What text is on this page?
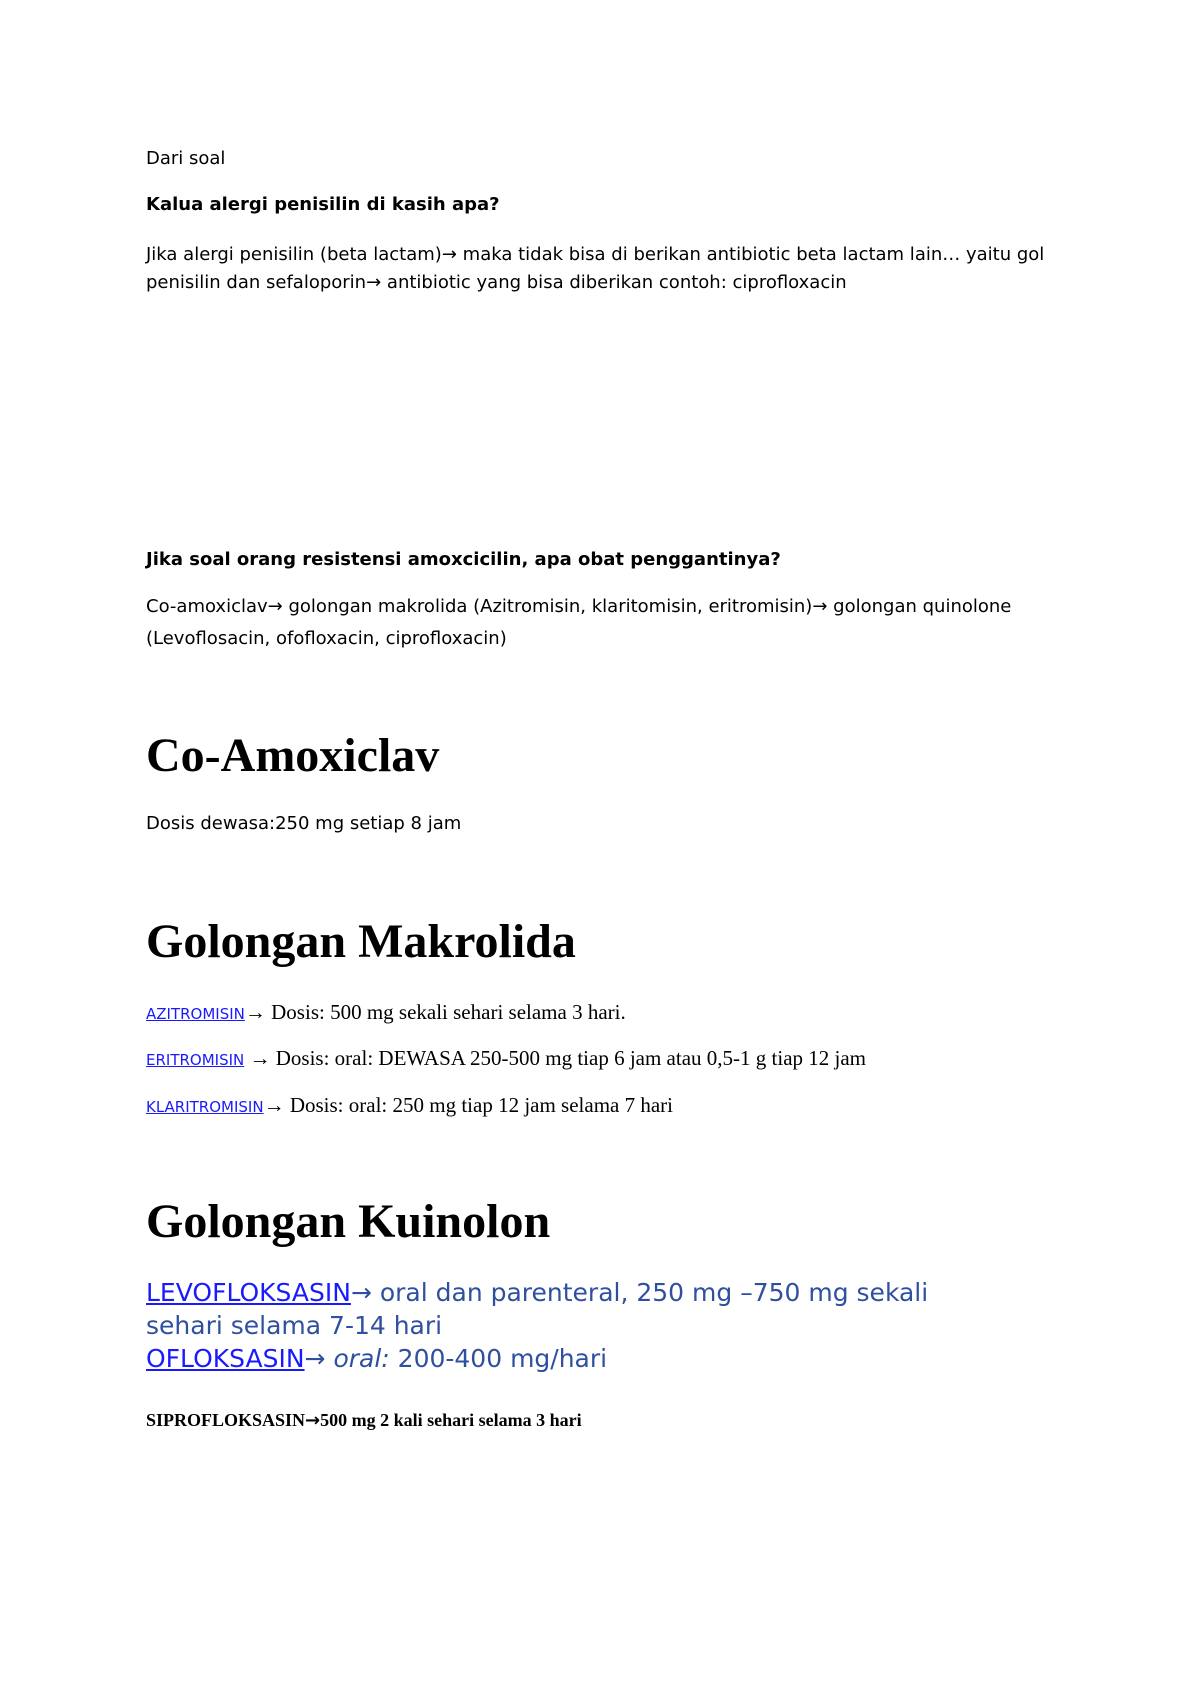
Dari soal
Kalua alergi penisilin di kasih apa?
Jika alergi penisilin (beta lactam)→ maka tidak bisa di berikan antibiotic beta lactam lain… yaitu gol
penisilin dan sefaloporin→ antibiotic yang bisa diberikan contoh: ciprofloxacin
Jika soal orang resistensi amoxcicilin, apa obat penggantinya?
Co-amoxiclav→ golongan makrolida (Azitromisin, klaritomisin, eritromisin)→ golongan quinolone
(Levoflosacin, ofofloxacin, ciprofloxacin)
Co-Amoxiclav
Dosis dewasa:250 mg setiap 8 jam
Golongan Makrolida
AZITROMISIN→ Dosis: 500 mg sekali sehari selama 3 hari.
ERITROMISIN → Dosis: oral: DEWASA 250-500 mg tiap 6 jam atau 0,5-1 g tiap 12 jam
KLARITROMISIN→ Dosis: oral: 250 mg tiap 12 jam selama 7 hari
Golongan Kuinolon
LEVOFLOKSASIN→ oral dan parenteral, 250 mg –750 mg sekali
sehari selama 7-14 hari
OFLOKSASIN→ oral: 200-400 mg/hari
SIPROFLOKSASIN→500 mg 2 kali sehari selama 3 hari
